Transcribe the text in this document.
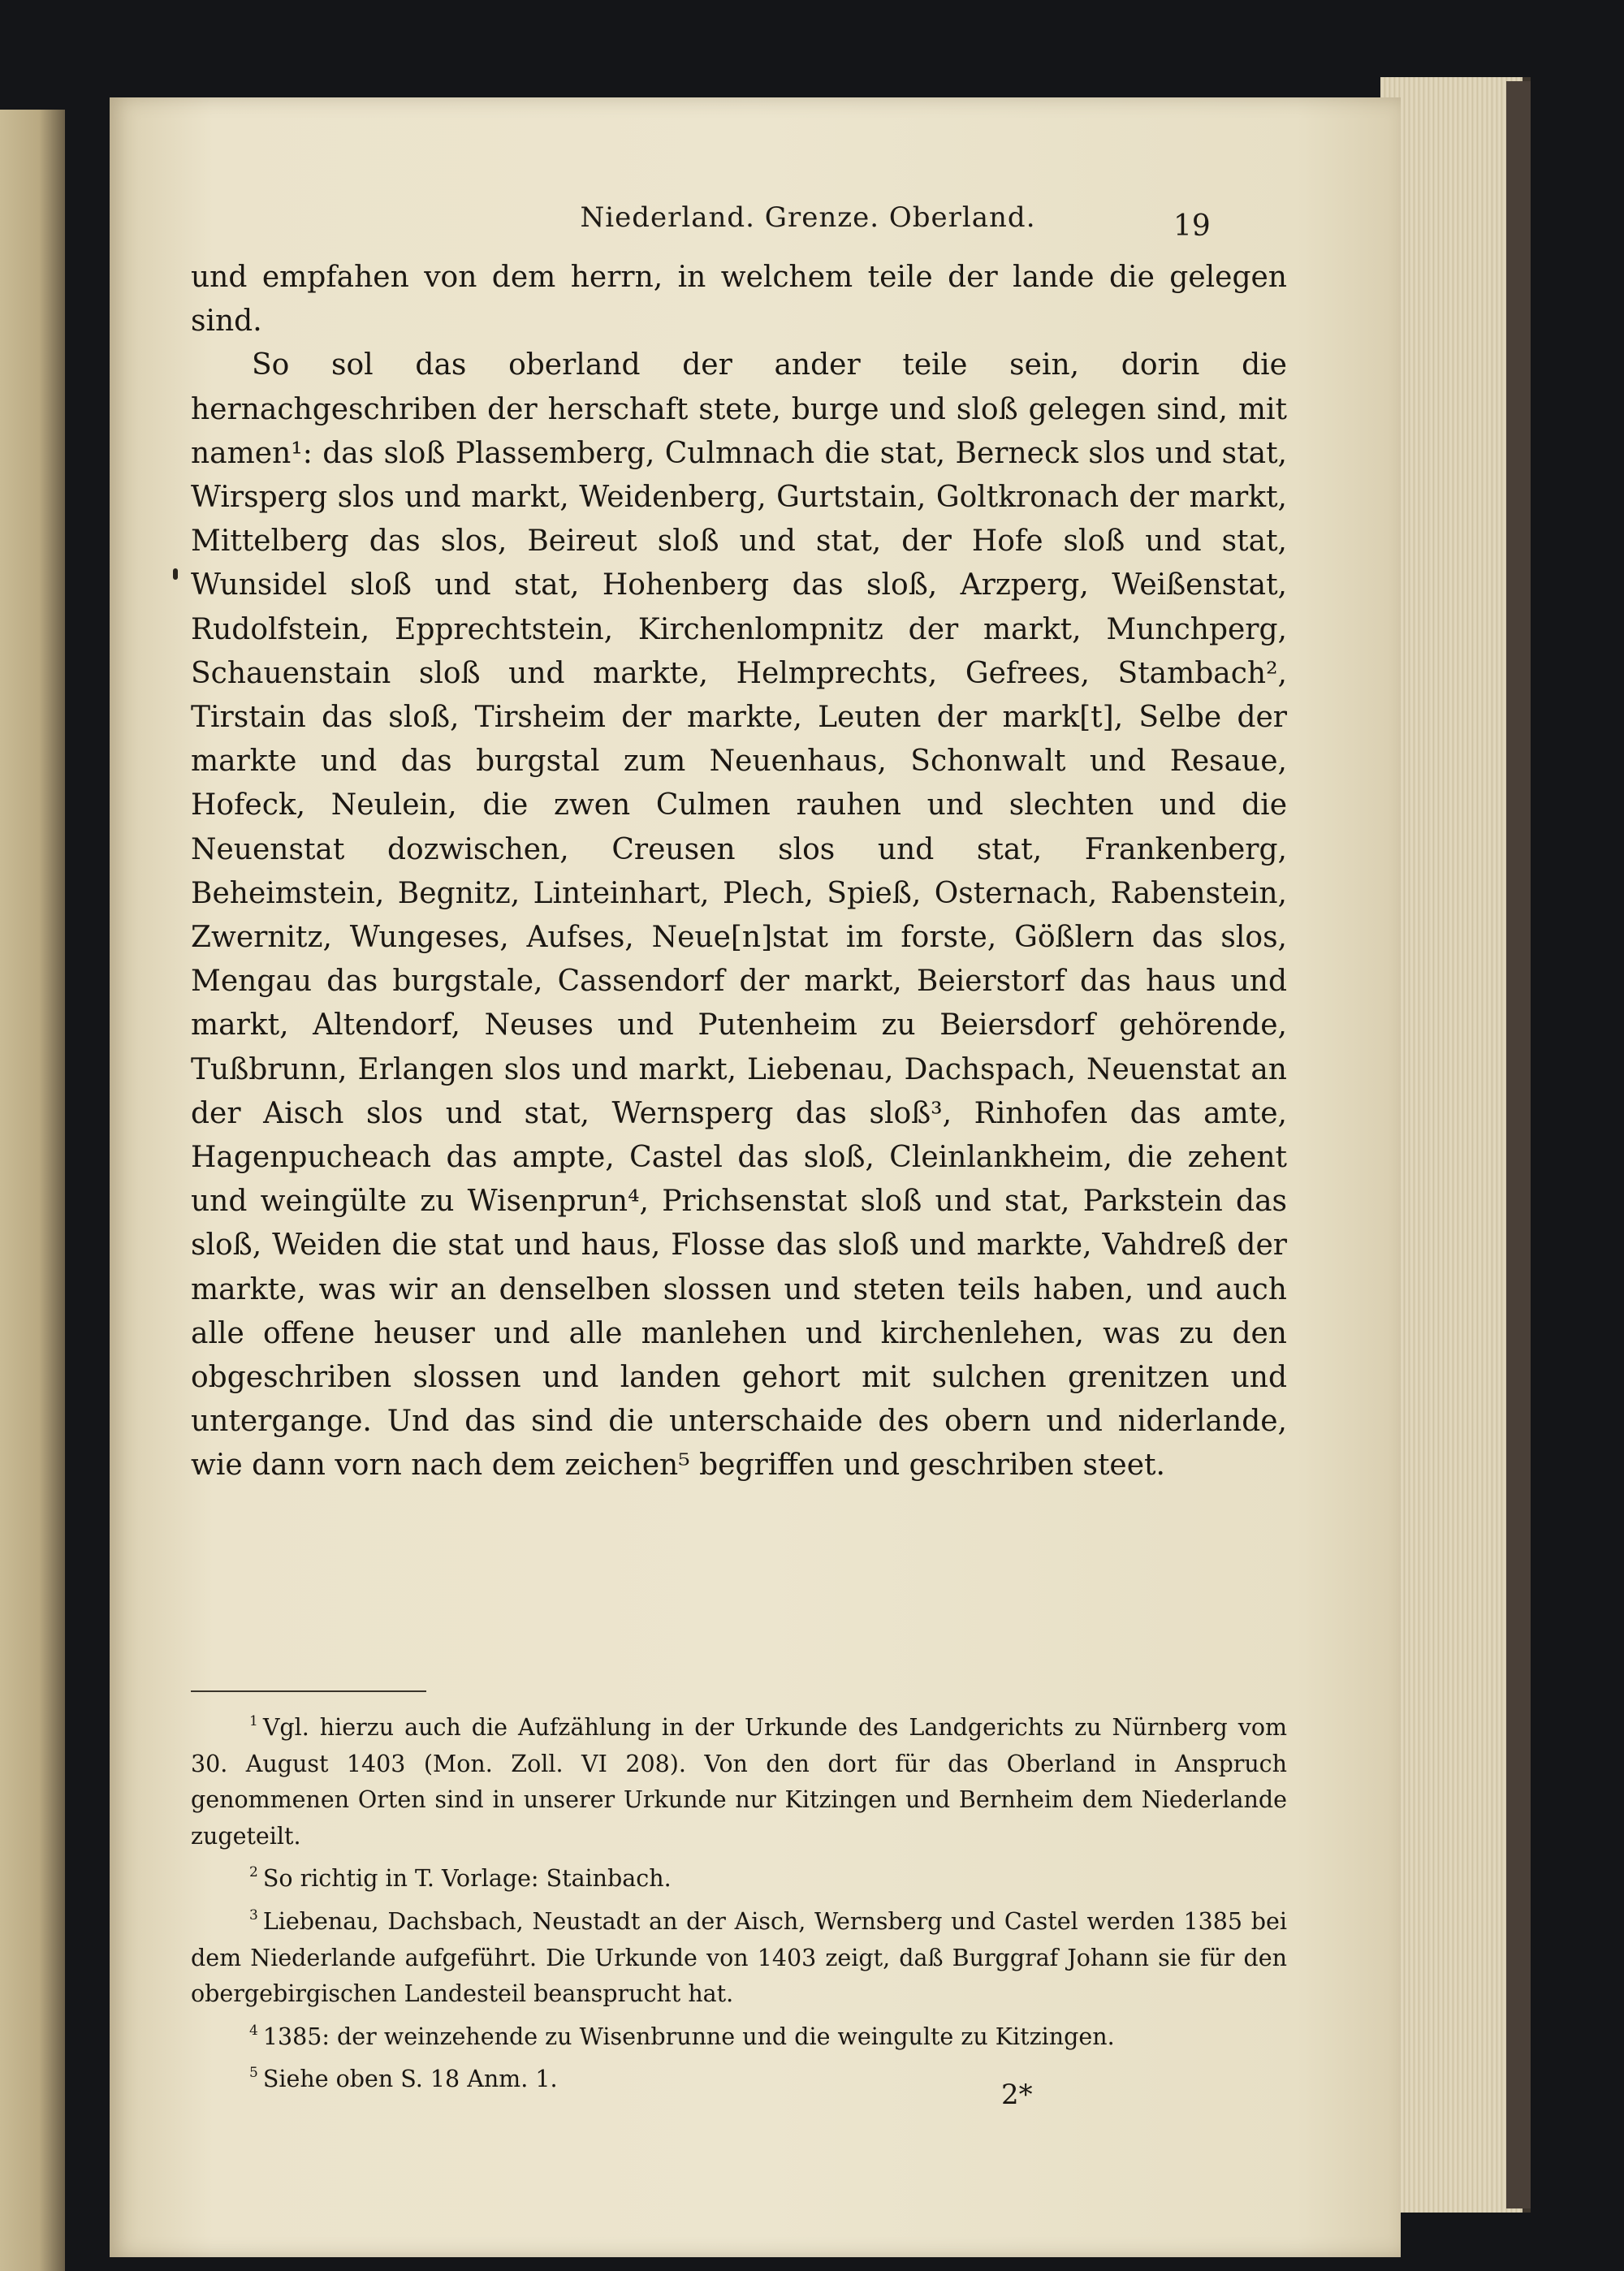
Niederland. Grenze. Oberland.	19

und empfahen von dem herrn, in welchem teile der lande die gelegen sind.

So sol das oberland der ander teile sein, dorin die hernachgeschriben der herschaft stete, burge und sloß gelegen sind, mit namen¹: das sloß Plassemberg, Culmnach die stat, Berneck slos und stat, Wirsperg slos und markt, Weidenberg, Gurtstain, Goltkronach der markt, Mittelberg das slos, Beireut sloß und stat, der Hofe sloß und stat, Wunsidel sloß und stat, Hohenberg das sloß, Arzperg, Weißenstat, Rudolfstein, Epprechtstein, Kirchenlompnitz der markt, Munchperg, Schauenstain sloß und markte, Helmprechts, Gefrees, Stambach², Tirstain das sloß, Tirsheim der markte, Leuten der mark[t], Selbe der markte und das burgstal zum Neuenhaus, Schonwalt und Resaue, Hofeck, Neulein, die zwen Culmen rauhen und slechten und die Neuenstat dozwischen, Creusen slos und stat, Frankenberg, Beheimstein, Begnitz, Linteinhart, Plech, Spieß, Osternach, Rabenstein, Zwernitz, Wungeses, Aufses, Neue[n]stat im forste, Gößlern das slos, Mengau das burgstale, Cassendorf der markt, Beierstorf das haus und markt, Altendorf, Neuses und Putenheim zu Beiersdorf gehörende, Tußbrunn, Erlangen slos und markt, Liebenau, Dachspach, Neuenstat an der Aisch slos und stat, Wernsperg das sloß³, Rinhofen das amte, Hagenpucheach das ampte, Castel das sloß, Cleinlankheim, die zehent und weingülte zu Wisenprun⁴, Prichsenstat sloß und stat, Parkstein das sloß, Weiden die stat und haus, Flosse das sloß und markte, Vahdreß der markte, was wir an denselben slossen und steten teils haben, und auch alle offene heuser und alle manlehen und kirchenlehen, was zu den obgeschriben slossen und landen gehort mit sulchen grenitzen und untergange. Und das sind die unterschaide des obern und niderlande, wie dann vorn nach dem zeichen⁵ begriffen und geschriben steet.

$^1$ Vgl. hierzu auch die Aufzählung in der Urkunde des Landgerichts zu Nürnberg vom 30. August 1403 (Mon. Zoll. VI 208). Von den dort für das Oberland in Anspruch genommenen Orten sind in unserer Urkunde nur Kitzingen und Bernheim dem Niederlande zugeteilt.

$^2$ So richtig in T. Vorlage: Stainbach.

$^3$ Liebenau, Dachsbach, Neustadt an der Aisch, Wernsberg und Castel werden 1385 bei dem Niederlande aufgeführt. Die Urkunde von 1403 zeigt, daß Burggraf Johann sie für den obergebirgischen Landesteil beansprucht hat.

$^4$ 1385: der weinzehende zu Wisenbrunne und die weingulte zu Kitzingen.

$^5$ Siehe oben S. 18 Anm. 1.	2*
